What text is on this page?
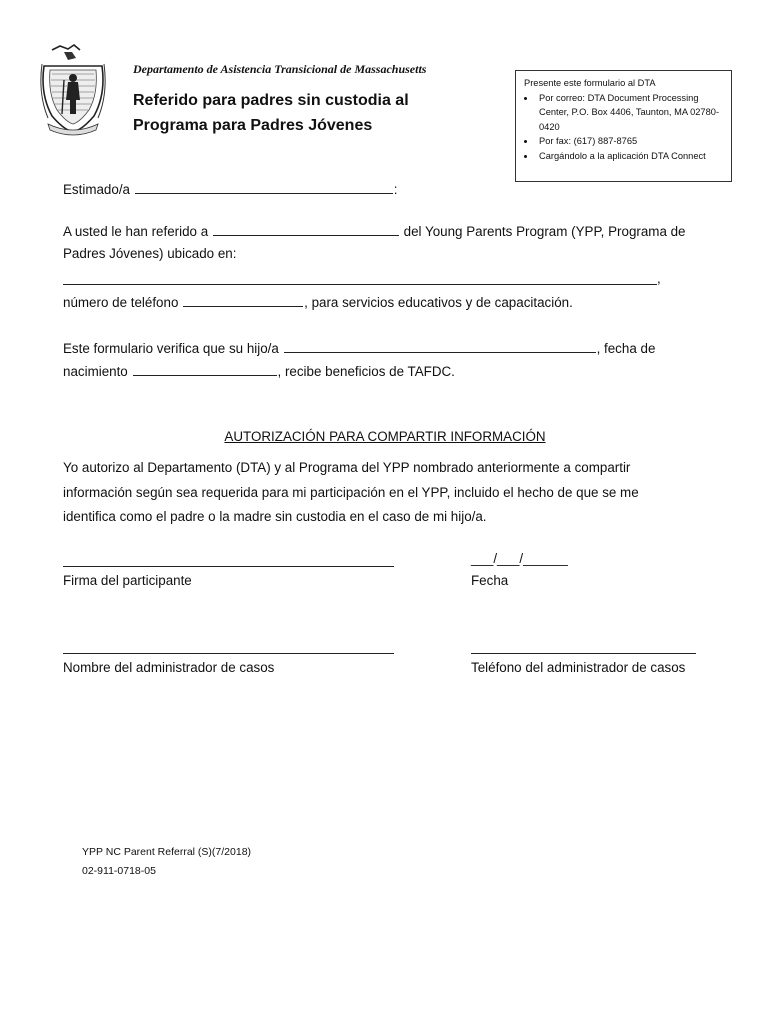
Departamento de Asistencia Transicional de Massachusetts
Referido para padres sin custodia al
Programa para Padres Jóvenes
Presente este formulario al DTA
• Por correo: DTA Document Processing Center, P.O. Box 4406, Taunton, MA 02780-0420
• Por fax: (617) 887-8765
• Cargándolo a la aplicación DTA Connect
Estimado/a	:
A usted le han referido a	del Young Parents Program (YPP, Programa de
Padres Jóvenes) ubicado en:
,
número de teléfono	, para servicios educativos y de capacitación.
Este formulario verifica que su hijo/a	, fecha de
nacimiento	, recibe beneficios de TAFDC.
AUTORIZACIÓN PARA COMPARTIR INFORMACIÓN
Yo autorizo al Departamento (DTA) y al Programa del YPP nombrado anteriormente a compartir
información según sea requerida para mi participación en el YPP, incluido el hecho de que se me
identifica como el padre o la madre sin custodia en el caso de mi hijo/a.
___/___/______
Firma del participante	Fecha
Nombre del administrador de casos	Teléfono del administrador de casos
YPP NC Parent Referral (S)(7/2018)
02-911-0718-05
